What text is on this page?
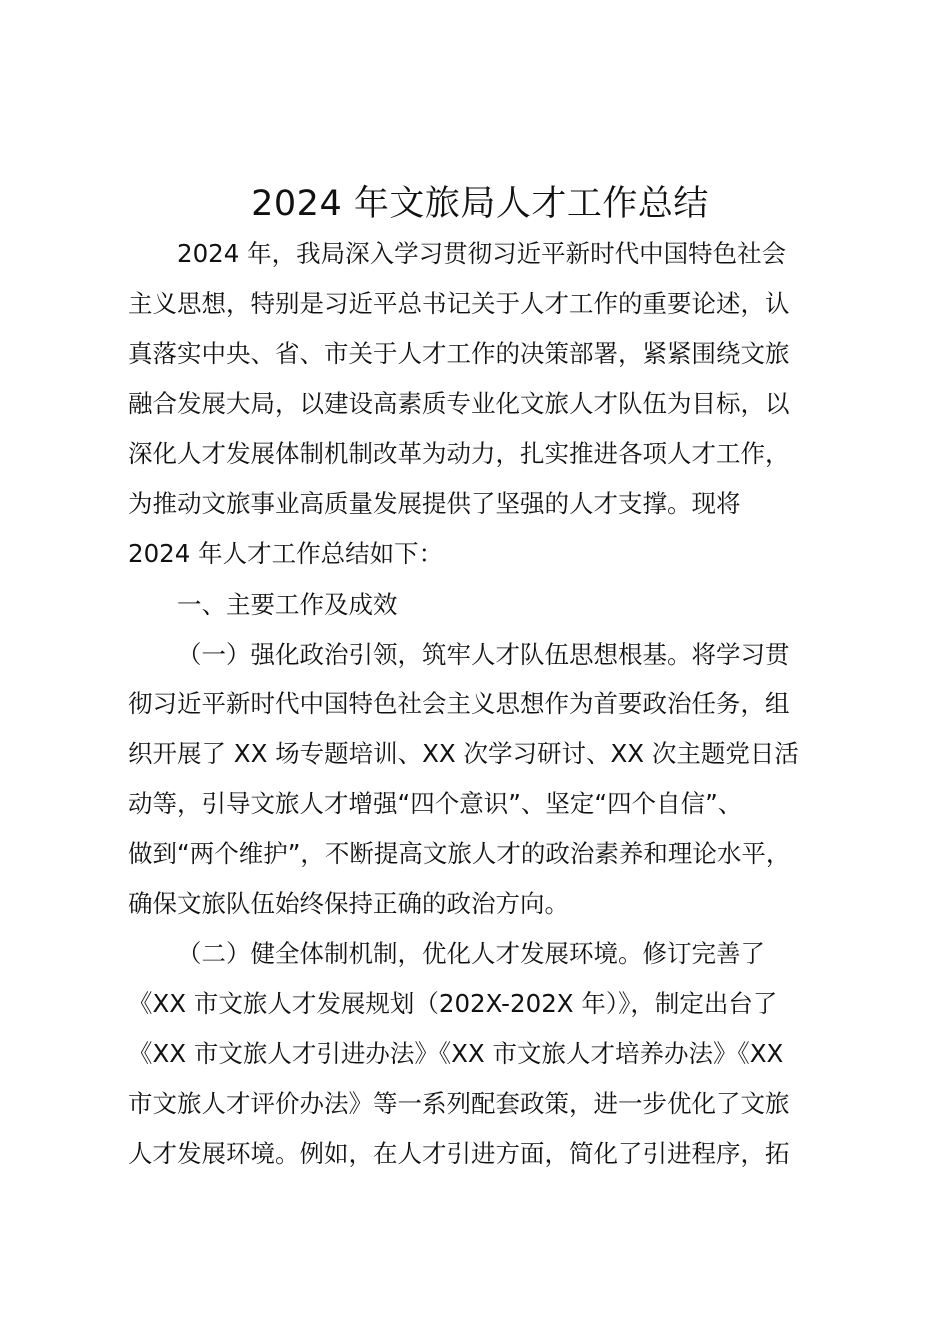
2024 年文旅局人才工作总结
2024 年，我局深入学习贯彻习近平新时代中国特色社会
主义思想，特别是习近平总书记关于人才工作的重要论述，认
真落实中央、省、市关于人才工作的决策部署，紧紧围绕文旅
融合发展大局，以建设高素质专业化文旅人才队伍为目标，以
深化人才发展体制机制改革为动力，扎实推进各项人才工作，
为推动文旅事业高质量发展提供了坚强的人才支撑。现将
2024 年人才工作总结如下：
一、主要工作及成效
（一）强化政治引领，筑牢人才队伍思想根基。将学习贯
彻习近平新时代中国特色社会主义思想作为首要政治任务，组
织开展了 XX 场专题培训、XX 次学习研讨、XX 次主题党日活
动等，引导文旅人才增强“四个意识”、坚定“四个自信”、
做到“两个维护”，不断提高文旅人才的政治素养和理论水平，
确保文旅队伍始终保持正确的政治方向。
（二）健全体制机制，优化人才发展环境。修订完善了
《XX 市文旅人才发展规划（202X-202X 年）》，制定出台了
《XX 市文旅人才引进办法》《XX 市文旅人才培养办法》《XX
市文旅人才评价办法》等一系列配套政策，进一步优化了文旅
人才发展环境。例如，在人才引进方面，简化了引进程序，拓
